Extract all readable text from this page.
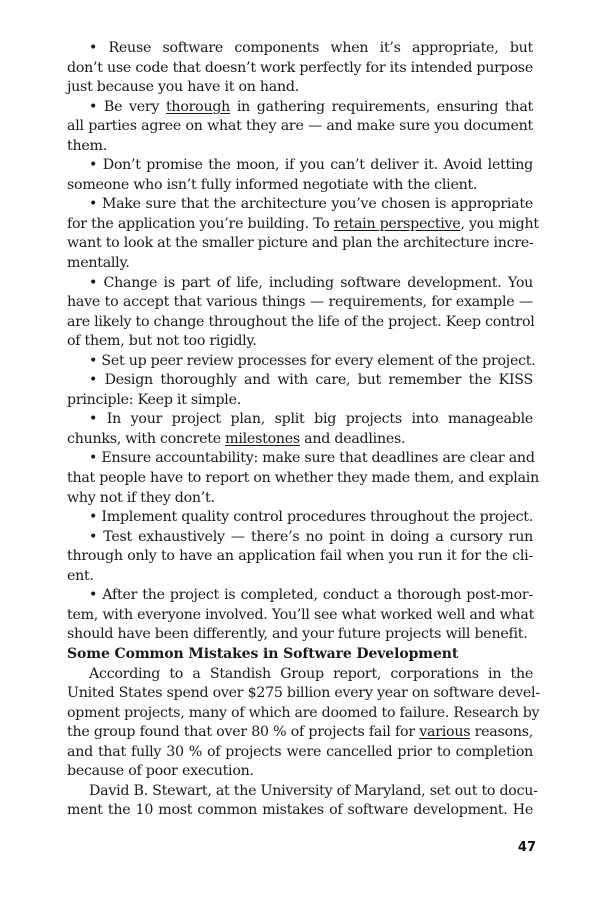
• Reuse software components when it’s appropriate, but
don’t use code that doesn’t work perfectly for its intended purpose
just because you have it on hand.
• Be very thorough in gathering requirements, ensuring that
all parties agree on what they are — and make sure you document
them.
• Don’t promise the moon, if you can’t deliver it. Avoid letting
someone who isn’t fully informed negotiate with the client.
• Make sure that the architecture you’ve chosen is appropriate
for the application you’re building. To retain perspective, you might
want to look at the smaller picture and plan the architecture incre-
mentally.
• Change is part of life, including software development. You
have to accept that various things — requirements, for example —
are likely to change throughout the life of the project. Keep control
of them, but not too rigidly.
• Set up peer review processes for every element of the project.
• Design thoroughly and with care, but remember the KISS
principle: Keep it simple.
• In your project plan, split big projects into manageable
chunks, with concrete milestones and deadlines.
• Ensure accountability: make sure that deadlines are clear and
that people have to report on whether they made them, and explain
why not if they don’t.
• Implement quality control procedures throughout the project.
• Test exhaustively — there’s no point in doing a cursory run
through only to have an application fail when you run it for the cli-
ent.
• After the project is completed, conduct a thorough post-mor-
tem, with everyone involved. You’ll see what worked well and what
should have been differently, and your future projects will benefit.
Some Common Mistakes in Software Development
According to a Standish Group report, corporations in the
United States spend over $275 billion every year on software devel-
opment projects, many of which are doomed to failure. Research by
the group found that over 80 % of projects fail for various reasons,
and that fully 30 % of projects were cancelled prior to completion
because of poor execution.
David B. Stewart, at the University of Maryland, set out to docu-
ment the 10 most common mistakes of software development. He
47
